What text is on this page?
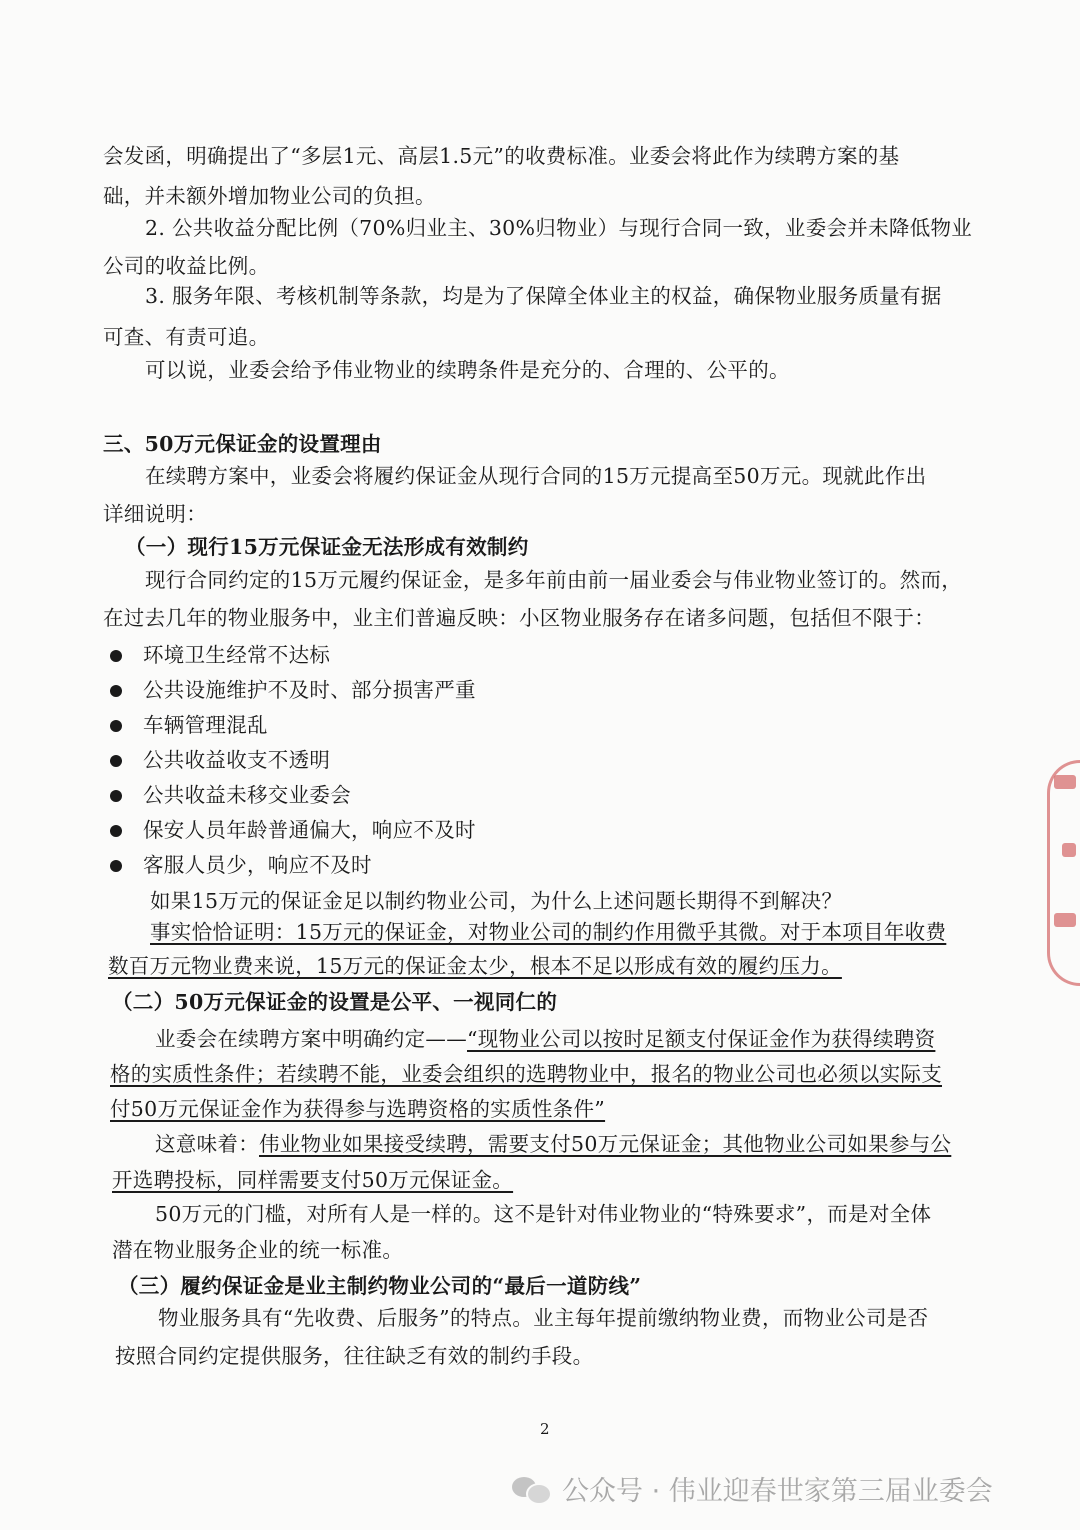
会发函，明确提出了“多层1元、高层1.5元”的收费标准。业委会将此作为续聘方案的基
础，并未额外增加物业公司的负担。
2. 公共收益分配比例（70%归业主、30%归物业）与现行合同一致，业委会并未降低物业
公司的收益比例。
3. 服务年限、考核机制等条款，均是为了保障全体业主的权益，确保物业服务质量有据
可查、有责可追。
可以说，业委会给予伟业物业的续聘条件是充分的、合理的、公平的。
三、50万元保证金的设置理由
在续聘方案中，业委会将履约保证金从现行合同的15万元提高至50万元。现就此作出
详细说明：
（一）现行15万元保证金无法形成有效制约
现行合同约定的15万元履约保证金，是多年前由前一届业委会与伟业物业签订的。然而，
在过去几年的物业服务中，业主们普遍反映：小区物业服务存在诸多问题，包括但不限于：
环境卫生经常不达标
公共设施维护不及时、部分损害严重
车辆管理混乱
公共收益收支不透明
公共收益未移交业委会
保安人员年龄普通偏大，响应不及时
客服人员少，响应不及时
如果15万元的保证金足以制约物业公司，为什么上述问题长期得不到解决？
事实恰恰证明：15万元的保证金，对物业公司的制约作用微乎其微。对于本项目年收费
数百万元物业费来说，15万元的保证金太少，根本不足以形成有效的履约压力。
（二）50万元保证金的设置是公平、一视同仁的
业委会在续聘方案中明确约定——“现物业公司以按时足额支付保证金作为获得续聘资
格的实质性条件；若续聘不能，业委会组织的选聘物业中，报名的物业公司也必须以实际支
付50万元保证金作为获得参与选聘资格的实质性条件”
这意味着：伟业物业如果接受续聘，需要支付50万元保证金；其他物业公司如果参与公
开选聘投标，同样需要支付50万元保证金。
50万元的门槛，对所有人是一样的。这不是针对伟业物业的“特殊要求”，而是对全体
潜在物业服务企业的统一标准。
（三）履约保证金是业主制约物业公司的“最后一道防线”
物业服务具有“先收费、后服务”的特点。业主每年提前缴纳物业费，而物业公司是否
按照合同约定提供服务，往往缺乏有效的制约手段。
2
公众号 · 伟业迎春世家第三届业委会
